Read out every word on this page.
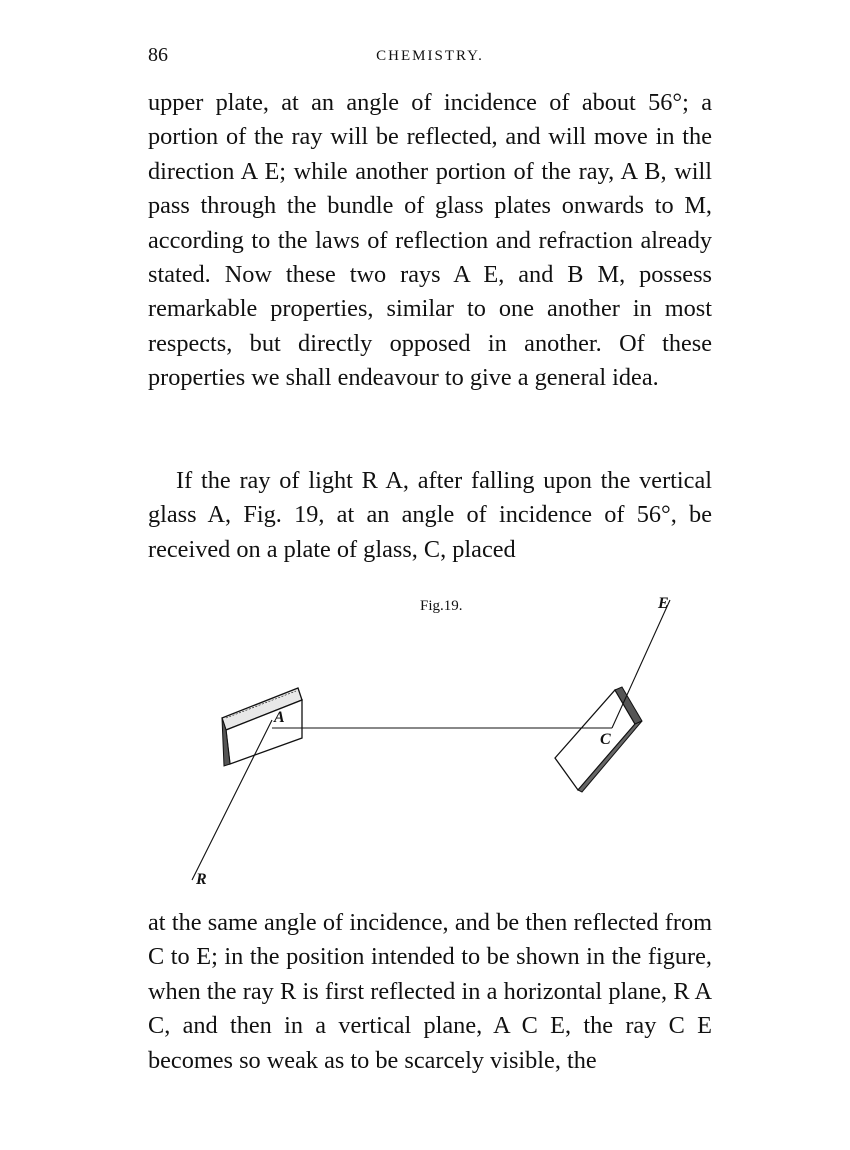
86	CHEMISTRY.

upper plate, at an angle of incidence of about 56°; a portion of the ray will be reflected, and will move in the direction A E; while another portion of the ray, A B, will pass through the bundle of glass plates onwards to M, according to the laws of reflection and refraction already stated. Now these two rays A E, and B M, possess remarkable properties, similar to one another in most respects, but directly opposed in another. Of these properties we shall endeavour to give a general idea.

If the ray of light R A, after falling upon the vertical glass A, Fig. 19, at an angle of incidence of 56°, be received on a plate of glass, C, placed

Fig.19.
A
C
E
R

at the same angle of incidence, and be then reflected from C to E; in the position intended to be shown in the figure, when the ray R is first reflected in a horizontal plane, R A C, and then in a vertical plane, A C E, the ray C E becomes so weak as to be scarcely visible, the
